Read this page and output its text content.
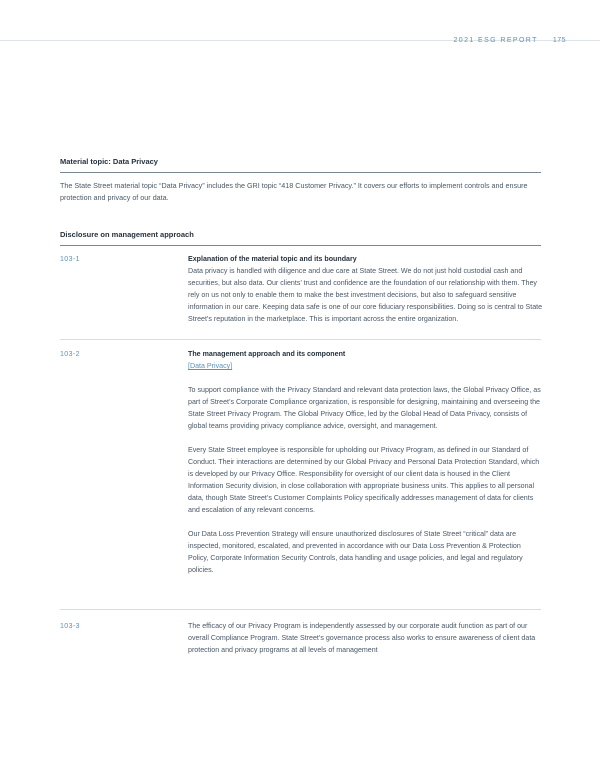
2021 ESG REPORT 175
Material topic: Data Privacy
The State Street material topic “Data Privacy” includes the GRI topic “418 Customer Privacy.” It covers our efforts to implement controls and ensure protection and privacy of our data.
Disclosure on management approach
103-1	Explanation of the material topic and its boundary

Data privacy is handled with diligence and due care at State Street. We do not just hold custodial cash and securities, but also data. Our clients’ trust and confidence are the foundation of our relationship with them. They rely on us not only to enable them to make the best investment decisions, but also to safeguard sensitive information in our care. Keeping data safe is one of our core fiduciary responsibilities. Doing so is central to State Street’s reputation in the marketplace. This is important across the entire organization.

103-2	The management approach and its component
[Data Privacy]

To support compliance with the Privacy Standard and relevant data protection laws, the Global Privacy Office, as part of Street’s Corporate Compliance organization, is responsible for designing, maintaining and overseeing the State Street Privacy Program. The Global Privacy Office, led by the Global Head of Data Privacy, consists of global teams providing privacy compliance advice, oversight, and management.

Every State Street employee is responsible for upholding our Privacy Program, as defined in our Standard of Conduct. Their interactions are determined by our Global Privacy and Personal Data Protection Standard, which is developed by our Privacy Office. Responsibility for oversight of our client data is housed in the Client Information Security division, in close collaboration with appropriate business units. This applies to all personal data, though State Street’s Customer Complaints Policy specifically addresses management of data for clients and escalation of any relevant concerns.

Our Data Loss Prevention Strategy will ensure unauthorized disclosures of State Street “critical” data are inspected, monitored, escalated, and prevented in accordance with our Data Loss Prevention & Protection Policy, Corporate Information Security Controls, data handling and usage policies, and legal and regulatory policies.

103-3	The efficacy of our Privacy Program is independently assessed by our corporate audit function as part of our overall Compliance Program. State Street’s governance process also works to ensure awareness of client data protection and privacy programs at all levels of management
